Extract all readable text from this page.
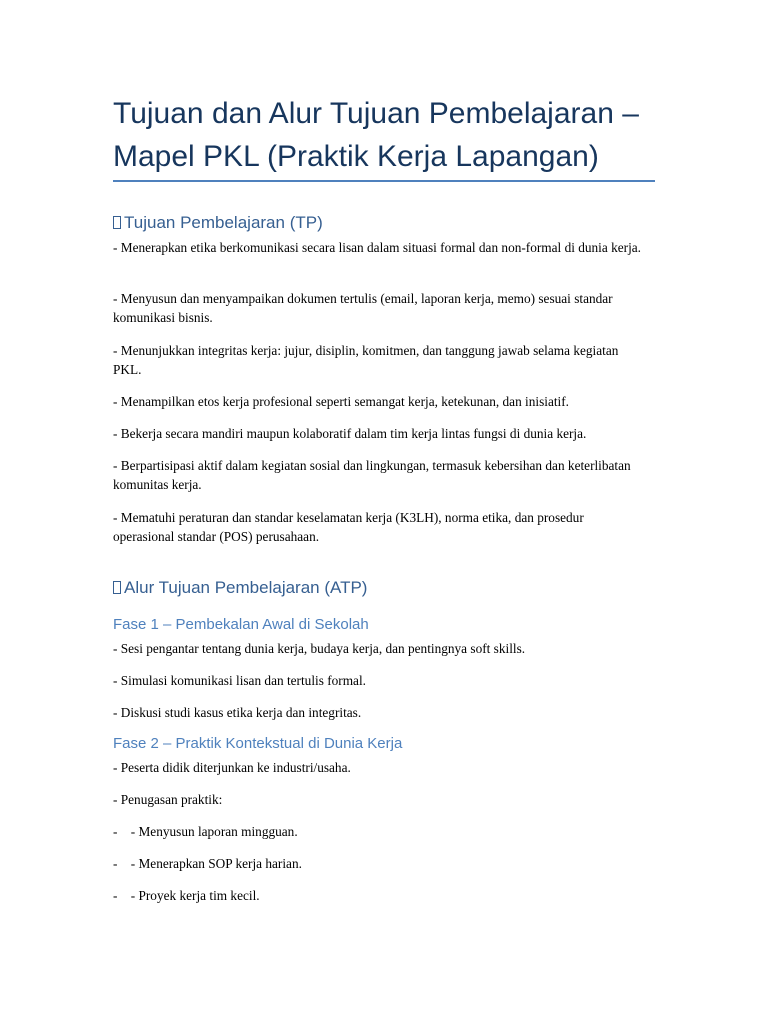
Tujuan dan Alur Tujuan Pembelajaran – Mapel PKL (Praktik Kerja Lapangan)
Tujuan Pembelajaran (TP)

- Menerapkan etika berkomunikasi secara lisan dalam situasi formal dan non-formal di dunia kerja.

- Menyusun dan menyampaikan dokumen tertulis (email, laporan kerja, memo) sesuai standar komunikasi bisnis.

- Menunjukkan integritas kerja: jujur, disiplin, komitmen, dan tanggung jawab selama kegiatan PKL.

- Menampilkan etos kerja profesional seperti semangat kerja, ketekunan, dan inisiatif.

- Bekerja secara mandiri maupun kolaboratif dalam tim kerja lintas fungsi di dunia kerja.

- Berpartisipasi aktif dalam kegiatan sosial dan lingkungan, termasuk kebersihan dan keterlibatan komunitas kerja.

- Mematuhi peraturan dan standar keselamatan kerja (K3LH), norma etika, dan prosedur operasional standar (POS) perusahaan.

Alur Tujuan Pembelajaran (ATP)
Fase 1 – Pembekalan Awal di Sekolah

- Sesi pengantar tentang dunia kerja, budaya kerja, dan pentingnya soft skills.

- Simulasi komunikasi lisan dan tertulis formal.

- Diskusi studi kasus etika kerja dan integritas.

Fase 2 – Praktik Kontekstual di Dunia Kerja

- Peserta didik diterjunkan ke industri/usaha.

- Penugasan praktik:

-    - Menyusun laporan mingguan.

-    - Menerapkan SOP kerja harian.

-    - Proyek kerja tim kecil.
